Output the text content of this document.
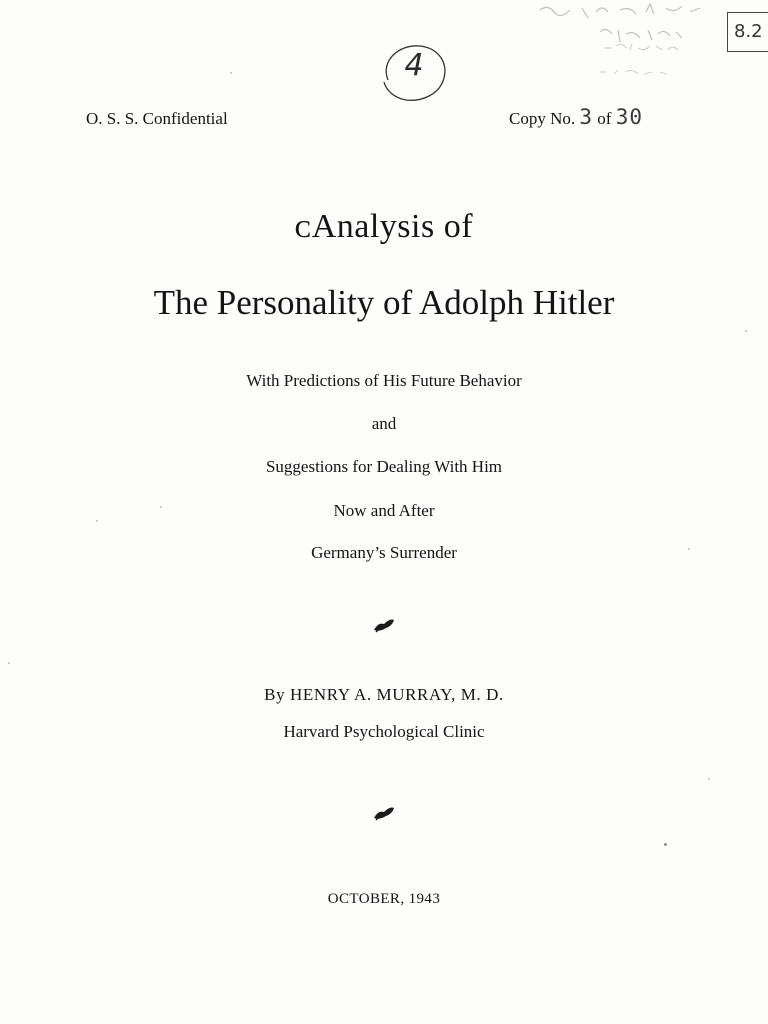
8.2
4
O. S. S. Confidential	Copy No. 3 of 30
ᴄAnalysis of
The Personality of Adolph Hitler
With Predictions of His Future Behavior
and
Suggestions for Dealing With Him
Now and After
Germany’s Surrender
By HENRY A. MURRAY, M. D.
Harvard Psychological Clinic
OCTOBER, 1943
